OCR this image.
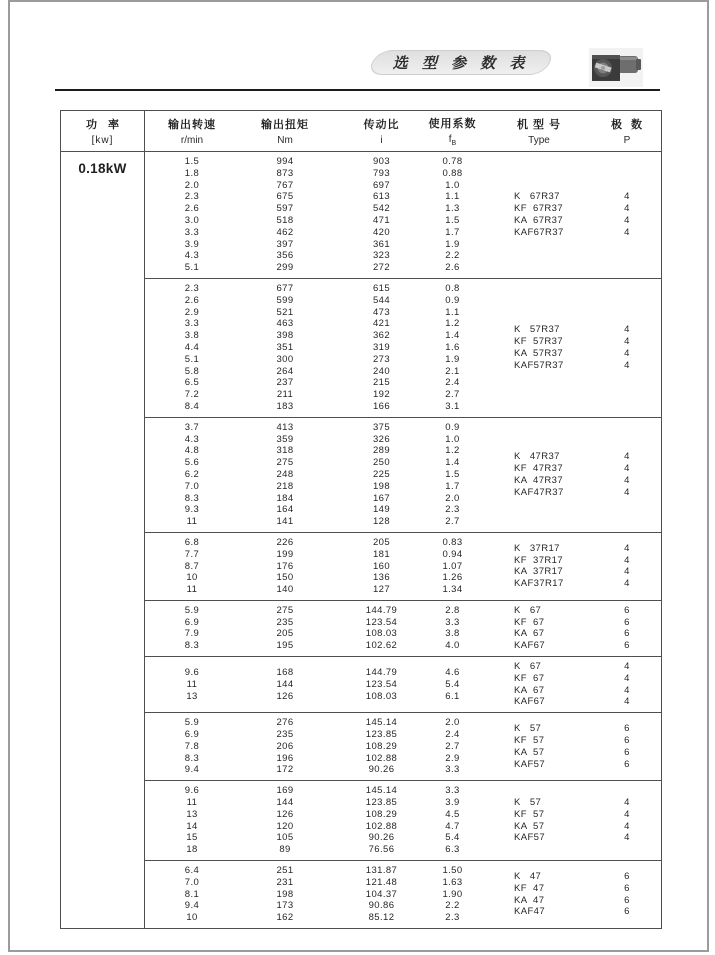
选 型 参 数 表
功 率
[kw]
输出转速
r/min
输出扭矩
Nm
传动比
i
使用系数
$f_B$
机 型 号
Type
极  数
P
0.18kW	1.5
1.8
2.0
2.3
2.6
3.0
3.3
3.9
4.3
5.1
994
873
767
675
597
518
462
397
356
299
903
793
697
613
542
471
420
361
323
272
0.78
0.88
1.0
1.1
1.3
1.5
1.7
1.9
2.2
2.6
K   67R37
KF  67R37
KA  67R37
KAF67R37
4
4
4
4
2.3
2.6
2.9
3.3
3.8
4.4
5.1
5.8
6.5
7.2
8.4
677
599
521
463
398
351
300
264
237
211
183
615
544
473
421
362
319
273
240
215
192
166
0.8
0.9
1.1
1.2
1.4
1.6
1.9
2.1
2.4
2.7
3.1
K   57R37
KF  57R37
KA  57R37
KAF57R37
4
4
4
4
3.7
4.3
4.8
5.6
6.2
7.0
8.3
9.3
11
413
359
318
275
248
218
184
164
141
375
326
289
250
225
198
167
149
128
0.9
1.0
1.2
1.4
1.5
1.7
2.0
2.3
2.7
K   47R37
KF  47R37
KA  47R37
KAF47R37
4
4
4
4
6.8
7.7
8.7
10
11
226
199
176
150
140
205
181
160
136
127
0.83
0.94
1.07
1.26
1.34
K   37R17
KF  37R17
KA  37R17
KAF37R17
4
4
4
4
5.9
6.9
7.9
8.3
275
235
205
195
144.79
123.54
108.03
102.62
2.8
3.3
3.8
4.0
K   67
KF  67
KA  67
KAF67
6
6
6
6
9.6
11
13
168
144
126
144.79
123.54
108.03
4.6
5.4
6.1
K   67
KF  67
KA  67
KAF67
4
4
4
4
5.9
6.9
7.8
8.3
9.4
276
235
206
196
172
145.14
123.85
108.29
102.88
90.26
2.0
2.4
2.7
2.9
3.3
K   57
KF  57
KA  57
KAF57
6
6
6
6
9.6
11
13
14
15
18
169
144
126
120
105
89
145.14
123.85
108.29
102.88
90.26
76.56
3.3
3.9
4.5
4.7
5.4
6.3
K   57
KF  57
KA  57
KAF57
4
4
4
4
6.4
7.0
8.1
9.4
10
251
231
198
173
162
131.87
121.48
104.37
90.86
85.12
1.50
1.63
1.90
2.2
2.3
K   47
KF  47
KA  47
KAF47
6
6
6
6
